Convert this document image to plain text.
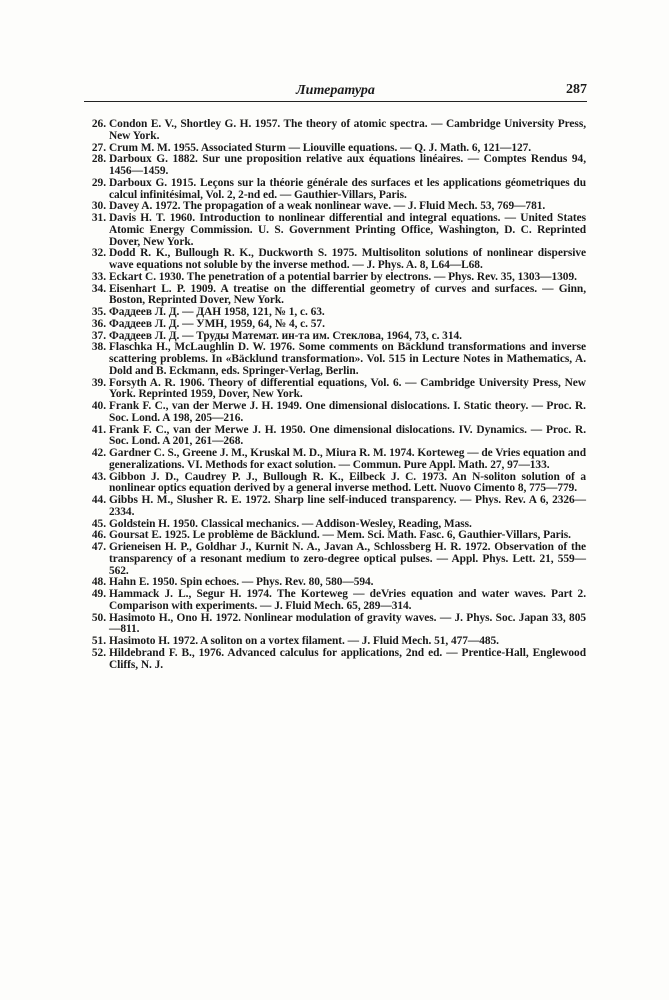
Литература	287
26. Condon E. V., Shortley G. H. 1957. The theory of atomic spectra. — Cambridge University Press, New York.
27. Crum M. M. 1955. Associated Sturm — Liouville equations. — Q. J. Math. 6, 121—127.
28. Darboux G. 1882. Sur une proposition relative aux équations linéaires. — Comptes Rendus 94, 1456—1459.
29. Darboux G. 1915. Leçons sur la théorie générale des surfaces et les applications géometriques du calcul infinitésimal, Vol. 2, 2-nd ed. — Gauthier-Villars, Paris.
30. Davey A. 1972. The propagation of a weak nonlinear wave. — J. Fluid Mech. 53, 769—781.
31. Davis H. T. 1960. Introduction to nonlinear differential and integral equations. — United States Atomic Energy Commission. U. S. Government Printing Office, Washington, D. C. Reprinted Dover, New York.
32. Dodd R. K., Bullough R. K., Duckworth S. 1975. Multisoliton solutions of nonlinear dispersive wave equations not soluble by the inverse method. — J. Phys. A. 8, L64—L68.
33. Eckart C. 1930. The penetration of a potential barrier by electrons. — Phys. Rev. 35, 1303—1309.
34. Eisenhart L. P. 1909. A treatise on the differential geometry of curves and surfaces. — Ginn, Boston, Reprinted Dover, New York.
35. Фаддеев Л. Д. — ДАН 1958, 121, № 1, с. 63.
36. Фаддеев Л. Д. — УМН, 1959, 64, № 4, с. 57.
37. Фаддеев Л. Д. — Труды Математ. ин-та им. Стеклова, 1964, 73, с. 314.
38. Flaschka H., McLaughlin D. W. 1976. Some comments on Bäcklund transformations and inverse scattering problems. In «Bäcklund transformation». Vol. 515 in Lecture Notes in Mathematics, A. Dold and B. Eckmann, eds. Springer-Verlag, Berlin.
39. Forsyth A. R. 1906. Theory of differential equations, Vol. 6. — Cambridge University Press, New York. Reprinted 1959, Dover, New York.
40. Frank F. C., van der Merwe J. H. 1949. One dimensional dislocations. I. Static theory. — Proc. R. Soc. Lond. A 198, 205—216.
41. Frank F. C., van der Merwe J. H. 1950. One dimensional dislocations. IV. Dynamics. — Proc. R. Soc. Lond. A 201, 261—268.
42. Gardner C. S., Greene J. M., Kruskal M. D., Miura R. M. 1974. Korteweg — de Vries equation and generalizations. VI. Methods for exact solution. — Commun. Pure Appl. Math. 27, 97—133.
43. Gibbon J. D., Caudrey P. J., Bullough R. K., Eilbeck J. C. 1973. An N-soliton solution of a nonlinear optics equation derived by a general inverse method. Lett. Nuovo Cimento 8, 775—779.
44. Gibbs H. M., Slusher R. E. 1972. Sharp line self-induced transparency. — Phys. Rev. A 6, 2326—2334.
45. Goldstein H. 1950. Classical mechanics. — Addison-Wesley, Reading, Mass.
46. Goursat E. 1925. Le problème de Bäcklund. — Mem. Sci. Math. Fasc. 6, Gauthier-Villars, Paris.
47. Grieneisen H. P., Goldhar J., Kurnit N. A., Javan A., Schlossberg H. R. 1972. Observation of the transparency of a resonant medium to zero-degree optical pulses. — Appl. Phys. Lett. 21, 559—562.
48. Hahn E. 1950. Spin echoes. — Phys. Rev. 80, 580—594.
49. Hammack J. L., Segur H. 1974. The Korteweg — deVries equation and water waves. Part 2. Comparison with experiments. — J. Fluid Mech. 65, 289—314.
50. Hasimoto H., Ono H. 1972. Nonlinear modulation of gravity waves. — J. Phys. Soc. Japan 33, 805—811.
51. Hasimoto H. 1972. A soliton on a vortex filament. — J. Fluid Mech. 51, 477—485.
52. Hildebrand F. B., 1976. Advanced calculus for applications, 2nd ed. — Prentice-Hall, Englewood Cliffs, N. J.
